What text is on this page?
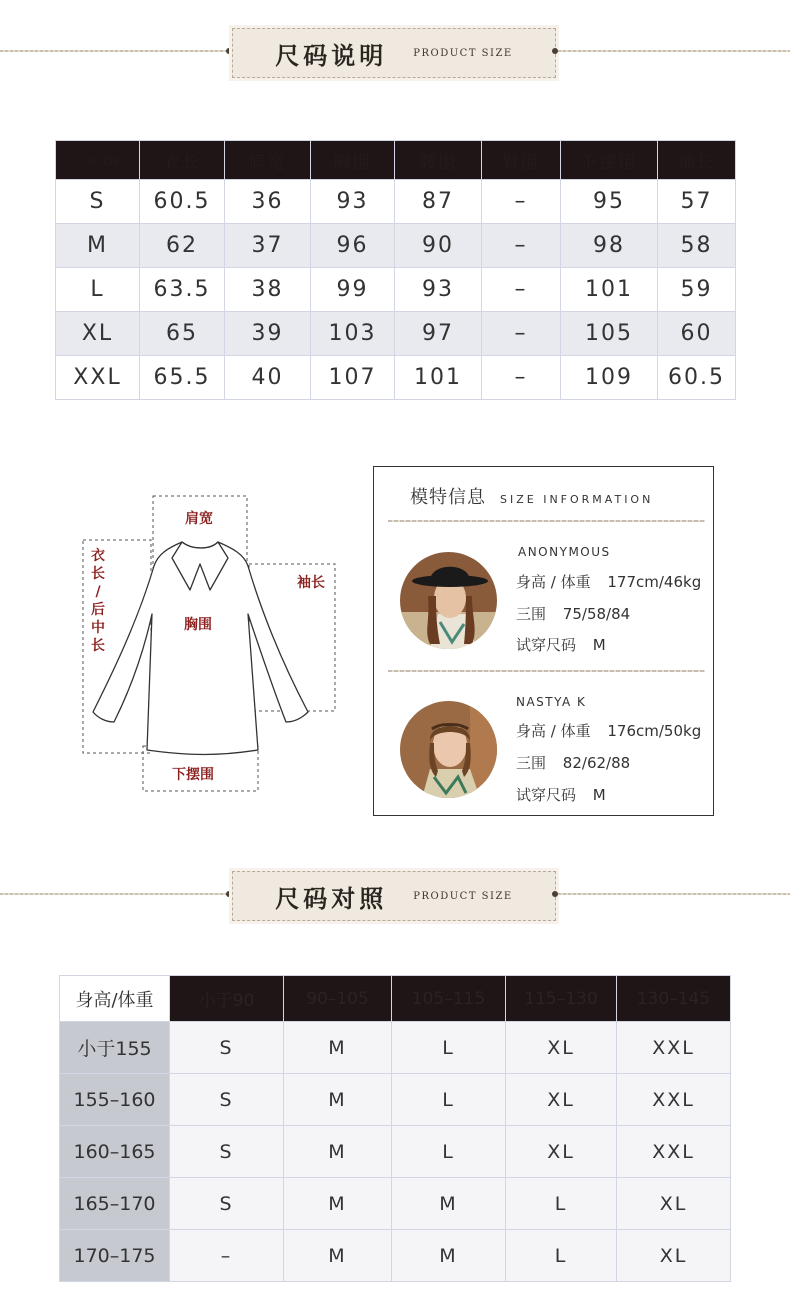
尺码说明	PRODUCT SIZE
尺码 /CM	衣长	肩宽	胸围	腰围	臀围	下摆围	袖长
S	60.5	36	93	87	–	95	57
M	62	37	96	90	–	98	58
L	63.5	38	99	93	–	101	59
XL	65	39	103	97	–	105	60
XXL	65.5	40	107	101	–	109	60.5
肩宽
衣
长
/
后
中
长
袖长
胸围
下摆围
模特信息 SIZE INFORMATION
ANONYMOUS
身高 / 体重 177cm/46kg
三围 75/58/84
试穿尺码 M
NASTYA K
身高 / 体重 176cm/50kg
三围 82/62/88
试穿尺码 M
尺码对照	PRODUCT SIZE
身高/体重	小于90	90–105	105–115	115–130	130–145
小于155	S	M	L	XL	XXL
155–160	S	M	L	XL	XXL
160–165	S	M	L	XL	XXL
165–170	S	M	M	L	XL
170–175	–	M	M	L	XL
